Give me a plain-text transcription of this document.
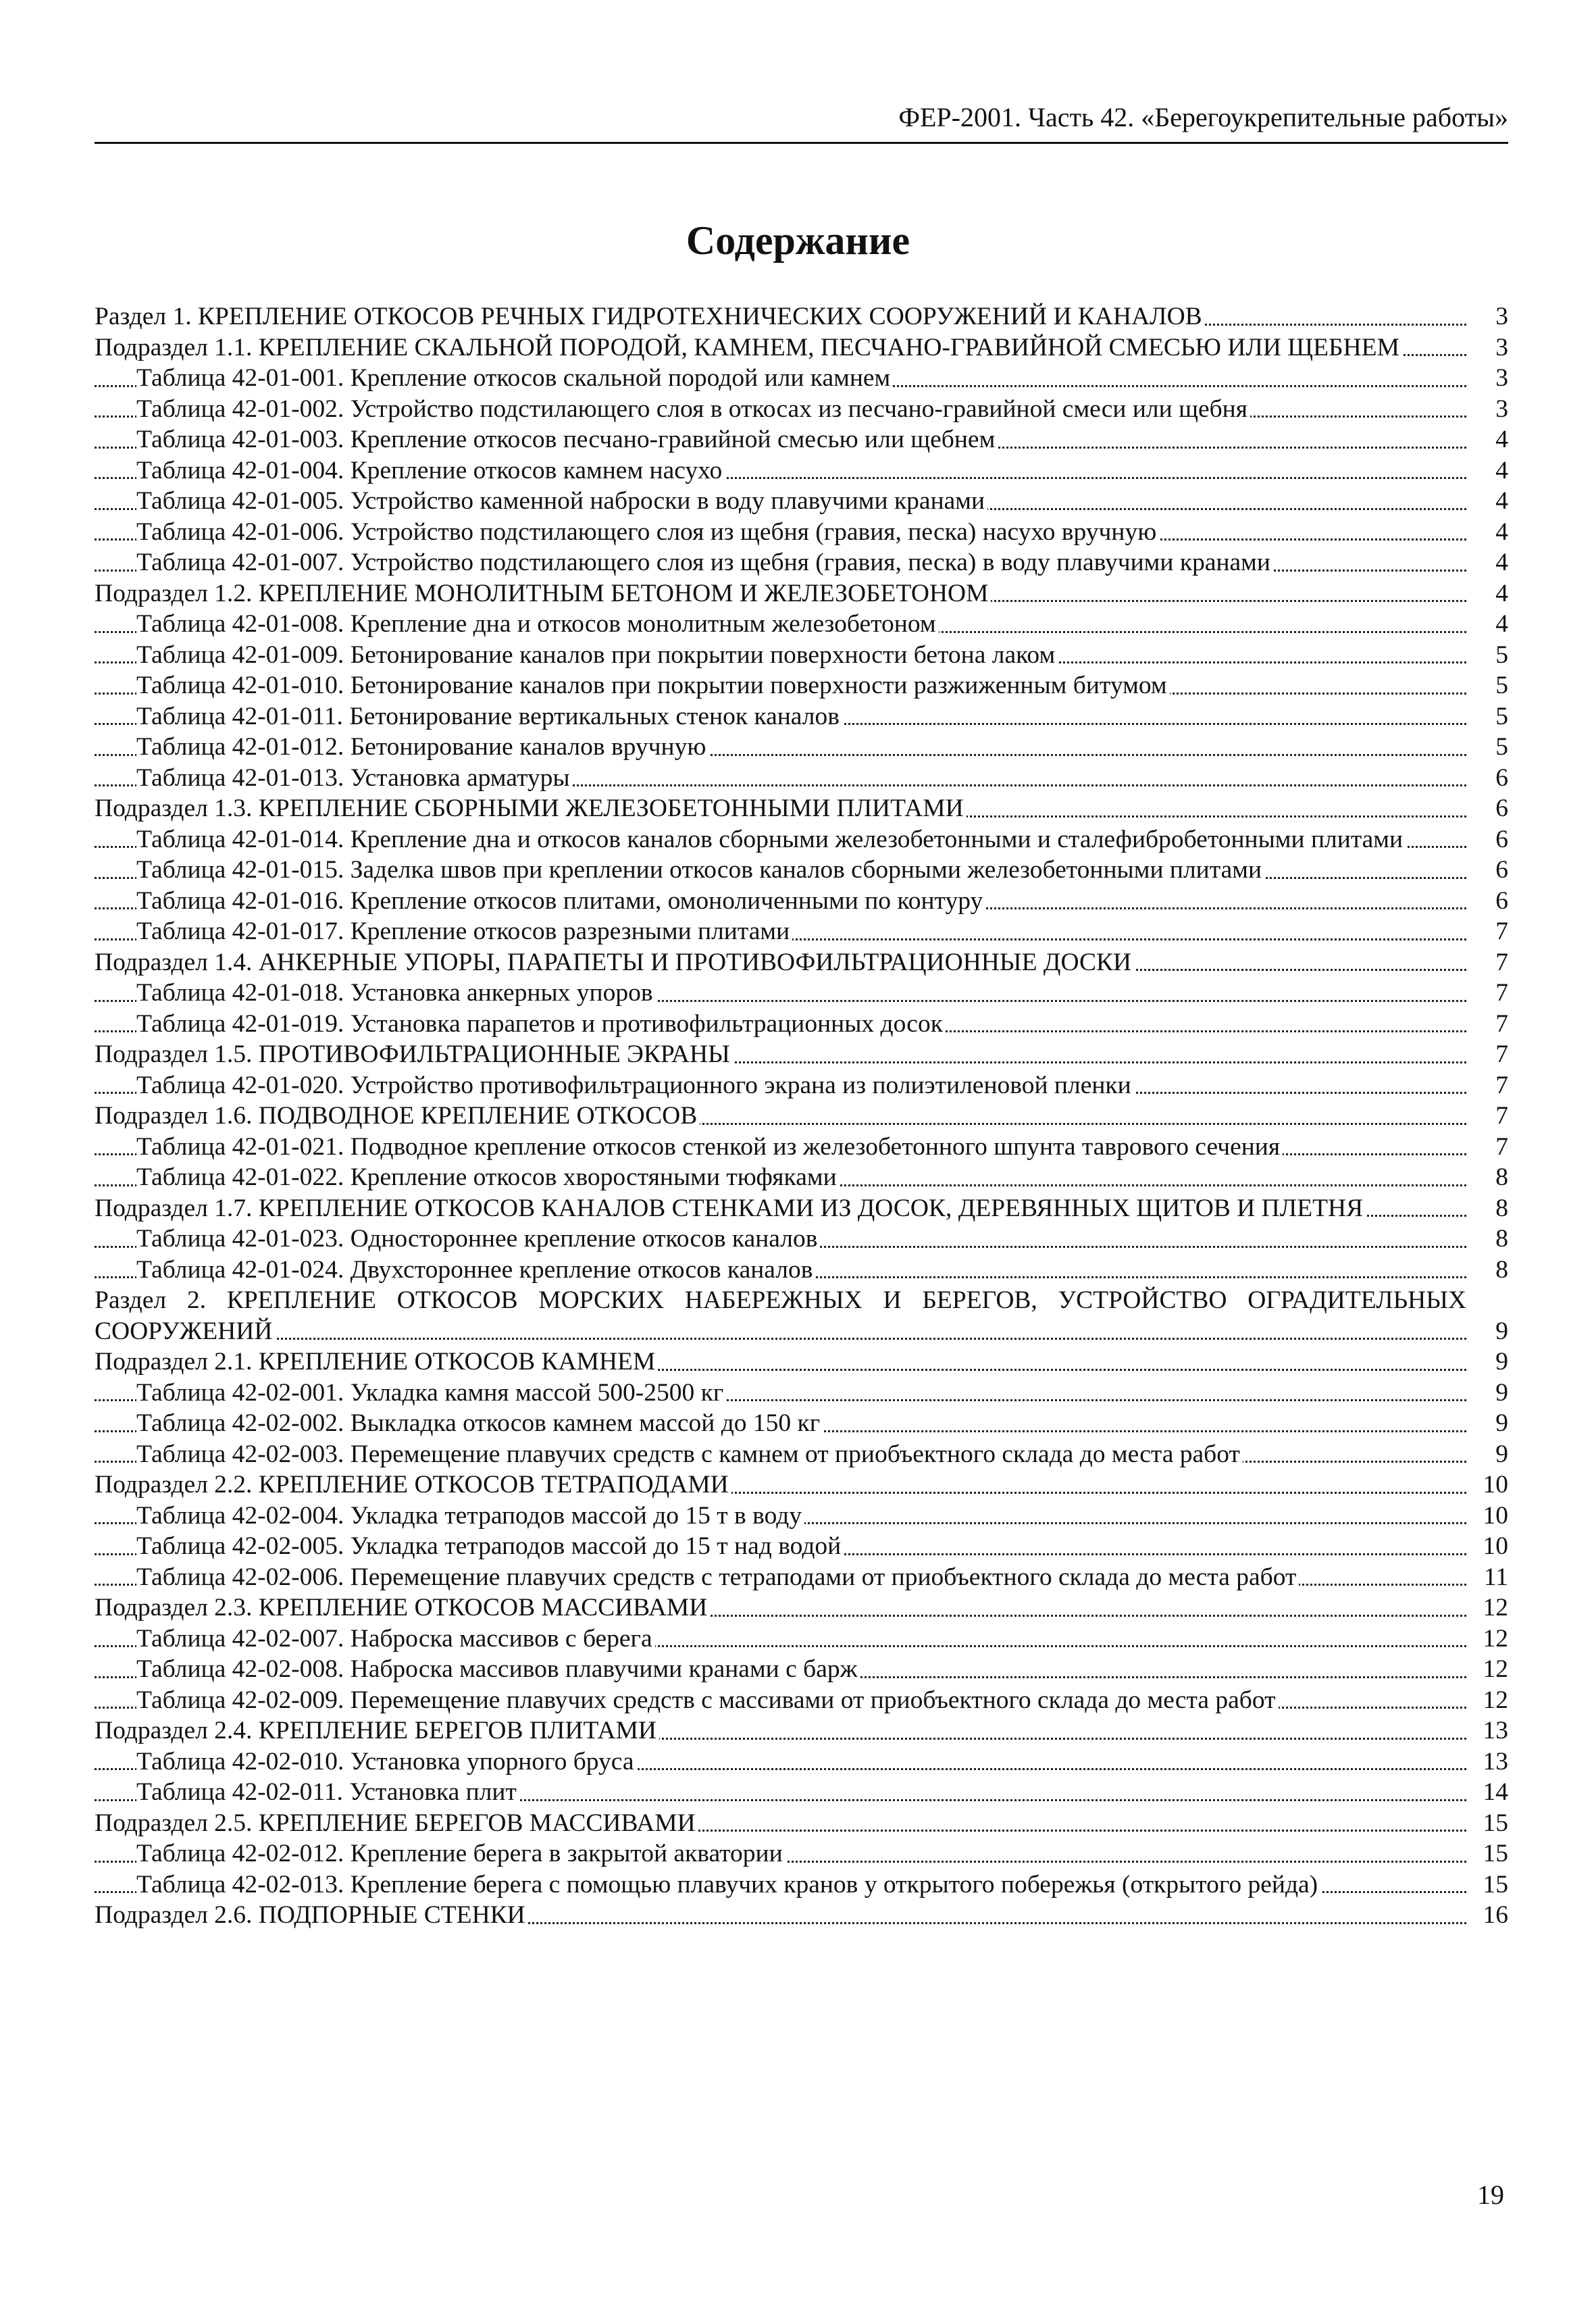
ФЕР-2001. Часть 42. «Берегоукрепительные работы»
Содержание
Раздел 1. КРЕПЛЕНИЕ ОТКОСОВ РЕЧНЫХ ГИДРОТЕХНИЧЕСКИХ СООРУЖЕНИЙ И КАНАЛОВ	3
Подраздел 1.1. КРЕПЛЕНИЕ СКАЛЬНОЙ ПОРОДОЙ, КАМНЕМ, ПЕСЧАНО-ГРАВИЙНОЙ СМЕСЬЮ ИЛИ ЩЕБНЕМ	3
Таблица 42-01-001. Крепление откосов скальной породой или камнем	3
Таблица 42-01-002. Устройство подстилающего слоя в откосах из песчано-гравийной смеси или щебня	3
Таблица 42-01-003. Крепление откосов песчано-гравийной смесью или щебнем	4
Таблица 42-01-004. Крепление откосов камнем насухо	4
Таблица 42-01-005. Устройство каменной наброски в воду плавучими кранами	4
Таблица 42-01-006. Устройство подстилающего слоя из щебня (гравия, песка) насухо вручную	4
Таблица 42-01-007. Устройство подстилающего слоя из щебня (гравия, песка) в воду плавучими кранами	4
Подраздел 1.2. КРЕПЛЕНИЕ МОНОЛИТНЫМ БЕТОНОМ И ЖЕЛЕЗОБЕТОНОМ	4
Таблица 42-01-008. Крепление дна и откосов монолитным железобетоном	4
Таблица 42-01-009. Бетонирование каналов при покрытии поверхности бетона лаком	5
Таблица 42-01-010. Бетонирование каналов при покрытии поверхности разжиженным битумом	5
Таблица 42-01-011. Бетонирование вертикальных стенок каналов	5
Таблица 42-01-012. Бетонирование каналов вручную	5
Таблица 42-01-013. Установка арматуры	6
Подраздел 1.3. КРЕПЛЕНИЕ СБОРНЫМИ ЖЕЛЕЗОБЕТОННЫМИ ПЛИТАМИ	6
Таблица 42-01-014. Крепление дна и откосов каналов сборными железобетонными и сталефибробетонными плитами	6
Таблица 42-01-015. Заделка швов при креплении откосов каналов сборными железобетонными плитами	6
Таблица 42-01-016. Крепление откосов плитами, омоноличенными по контуру	6
Таблица 42-01-017. Крепление откосов разрезными плитами	7
Подраздел 1.4. АНКЕРНЫЕ УПОРЫ, ПАРАПЕТЫ И ПРОТИВОФИЛЬТРАЦИОННЫЕ ДОСКИ	7
Таблица 42-01-018. Установка анкерных упоров	7
Таблица 42-01-019. Установка парапетов и противофильтрационных досок	7
Подраздел 1.5. ПРОТИВОФИЛЬТРАЦИОННЫЕ ЭКРАНЫ	7
Таблица 42-01-020. Устройство противофильтрационного экрана из полиэтиленовой пленки	7
Подраздел 1.6. ПОДВОДНОЕ КРЕПЛЕНИЕ ОТКОСОВ	7
Таблица 42-01-021. Подводное крепление откосов стенкой из железобетонного шпунта таврового сечения	7
Таблица 42-01-022. Крепление откосов хворостяными тюфяками	8
Подраздел 1.7. КРЕПЛЕНИЕ ОТКОСОВ КАНАЛОВ СТЕНКАМИ ИЗ ДОСОК, ДЕРЕВЯННЫХ ЩИТОВ И ПЛЕТНЯ	8
Таблица 42-01-023. Одностороннее крепление откосов каналов	8
Таблица 42-01-024. Двухстороннее крепление откосов каналов	8
Раздел 2. КРЕПЛЕНИЕ ОТКОСОВ МОРСКИХ НАБЕРЕЖНЫХ И БЕРЕГОВ, УСТРОЙСТВО ОГРАДИТЕЛЬНЫХ СООРУЖЕНИЙ	9
Подраздел 2.1. КРЕПЛЕНИЕ ОТКОСОВ КАМНЕМ	9
Таблица 42-02-001. Укладка камня массой 500-2500 кг	9
Таблица 42-02-002. Выкладка откосов камнем массой до 150 кг	9
Таблица 42-02-003. Перемещение плавучих средств с камнем от приобъектного склада до места работ	9
Подраздел 2.2. КРЕПЛЕНИЕ ОТКОСОВ ТЕТРАПОДАМИ	10
Таблица 42-02-004. Укладка тетраподов массой до 15 т в воду	10
Таблица 42-02-005. Укладка тетраподов массой до 15 т над водой	10
Таблица 42-02-006. Перемещение плавучих средств с тетраподами от приобъектного склада до места работ	11
Подраздел 2.3. КРЕПЛЕНИЕ ОТКОСОВ МАССИВАМИ	12
Таблица 42-02-007. Наброска массивов с берега	12
Таблица 42-02-008. Наброска массивов плавучими кранами с барж	12
Таблица 42-02-009. Перемещение плавучих средств с массивами от приобъектного склада до места работ	12
Подраздел 2.4. КРЕПЛЕНИЕ БЕРЕГОВ ПЛИТАМИ	13
Таблица 42-02-010. Установка упорного бруса	13
Таблица 42-02-011. Установка плит	14
Подраздел 2.5. КРЕПЛЕНИЕ БЕРЕГОВ МАССИВАМИ	15
Таблица 42-02-012. Крепление берега в закрытой акватории	15
Таблица 42-02-013. Крепление берега с помощью плавучих кранов у открытого побережья (открытого рейда)	15
Подраздел 2.6. ПОДПОРНЫЕ СТЕНКИ	16
19
